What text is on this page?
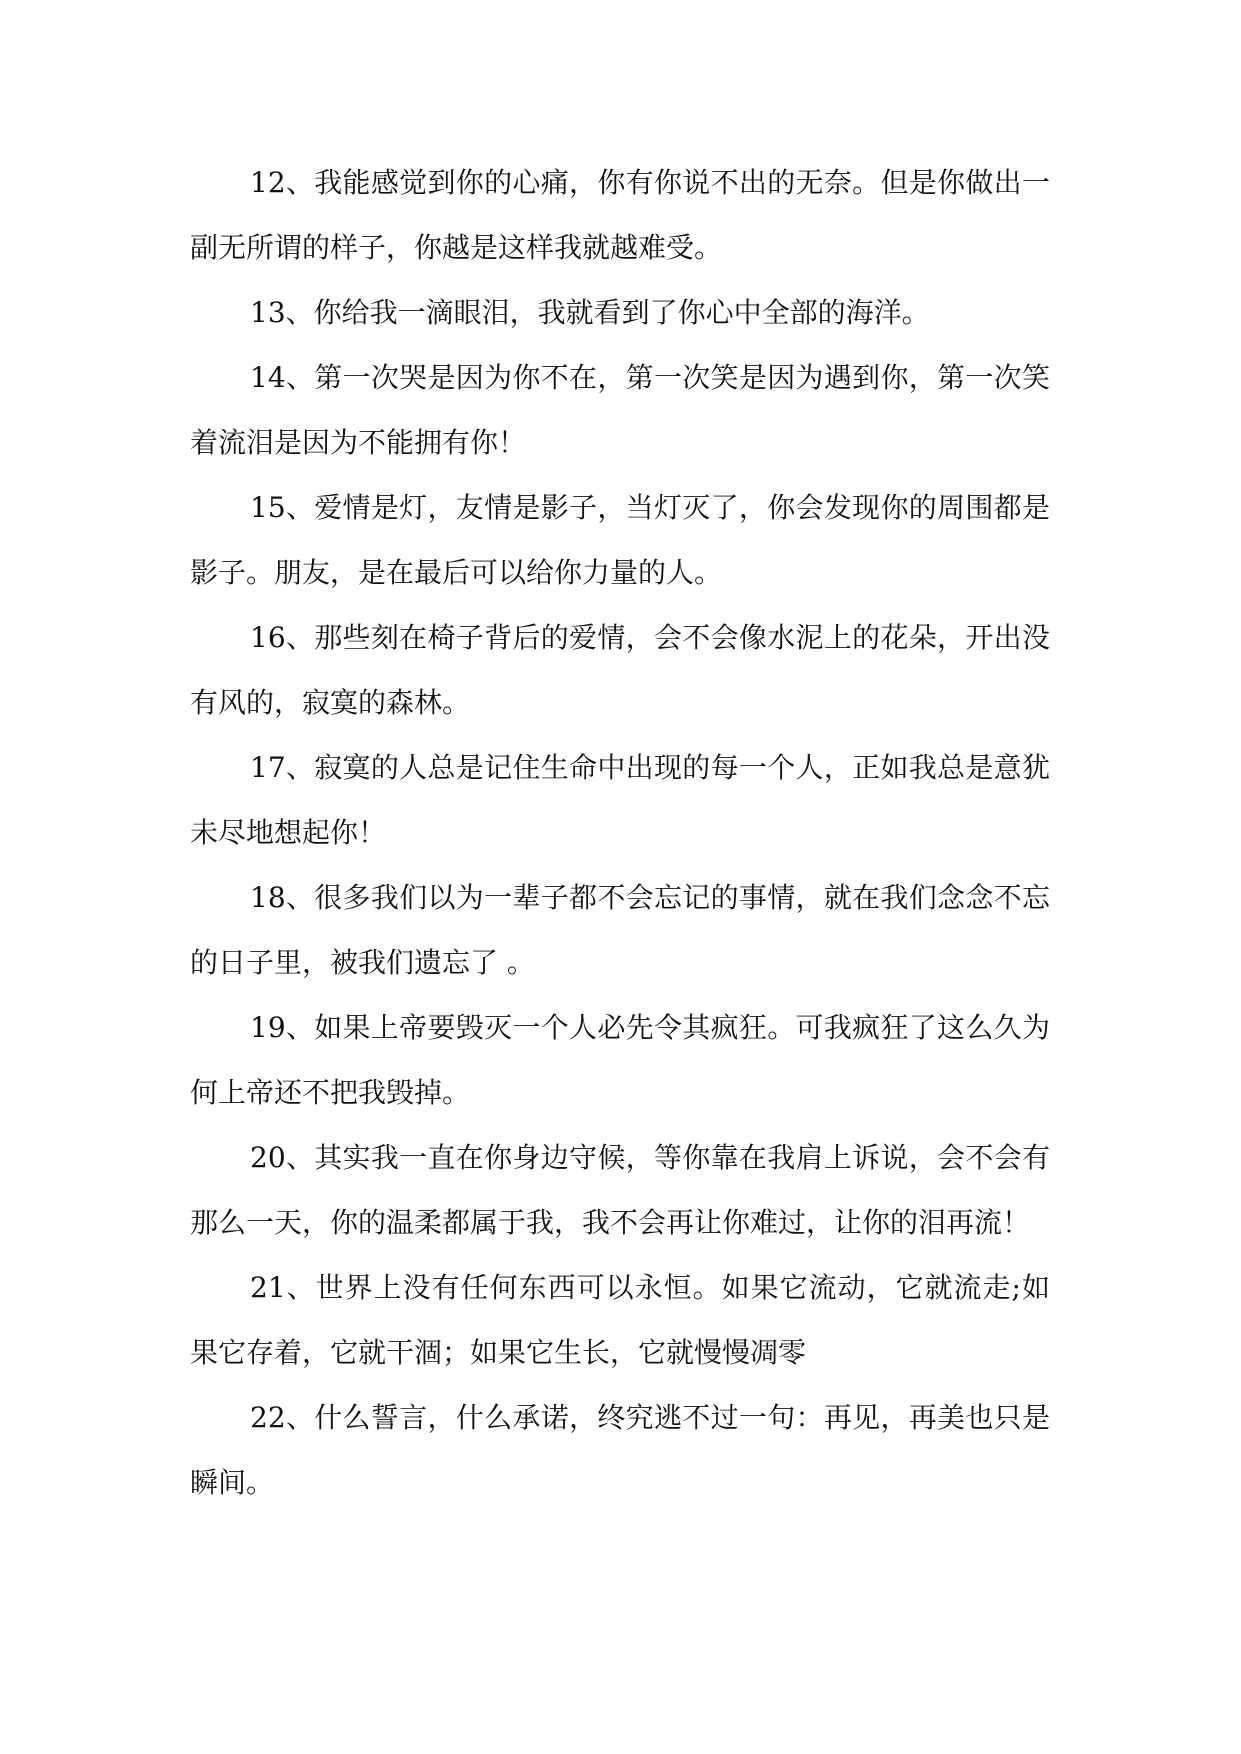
12、我能感觉到你的心痛，你有你说不出的无奈。但是你做出一副无所谓的样子，你越是这样我就越难受。

13、你给我一滴眼泪，我就看到了你心中全部的海洋。

14、第一次哭是因为你不在，第一次笑是因为遇到你，第一次笑着流泪是因为不能拥有你！

15、爱情是灯，友情是影子，当灯灭了，你会发现你的周围都是影子。朋友，是在最后可以给你力量的人。

16、那些刻在椅子背后的爱情，会不会像水泥上的花朵，开出没有风的，寂寞的森林。

17、寂寞的人总是记住生命中出现的每一个人，正如我总是意犹未尽地想起你！

18、很多我们以为一辈子都不会忘记的事情，就在我们念念不忘的日子里，被我们遗忘了 。

19、如果上帝要毁灭一个人必先令其疯狂。可我疯狂了这么久为何上帝还不把我毁掉。

20、其实我一直在你身边守候，等你靠在我肩上诉说，会不会有那么一天，你的温柔都属于我，我不会再让你难过，让你的泪再流！

21、世界上没有任何东西可以永恒。如果它流动，它就流走;如果它存着，它就干涸；如果它生长，它就慢慢凋零

22、什么誓言，什么承诺，终究逃不过一句：再见，再美也只是瞬间。
